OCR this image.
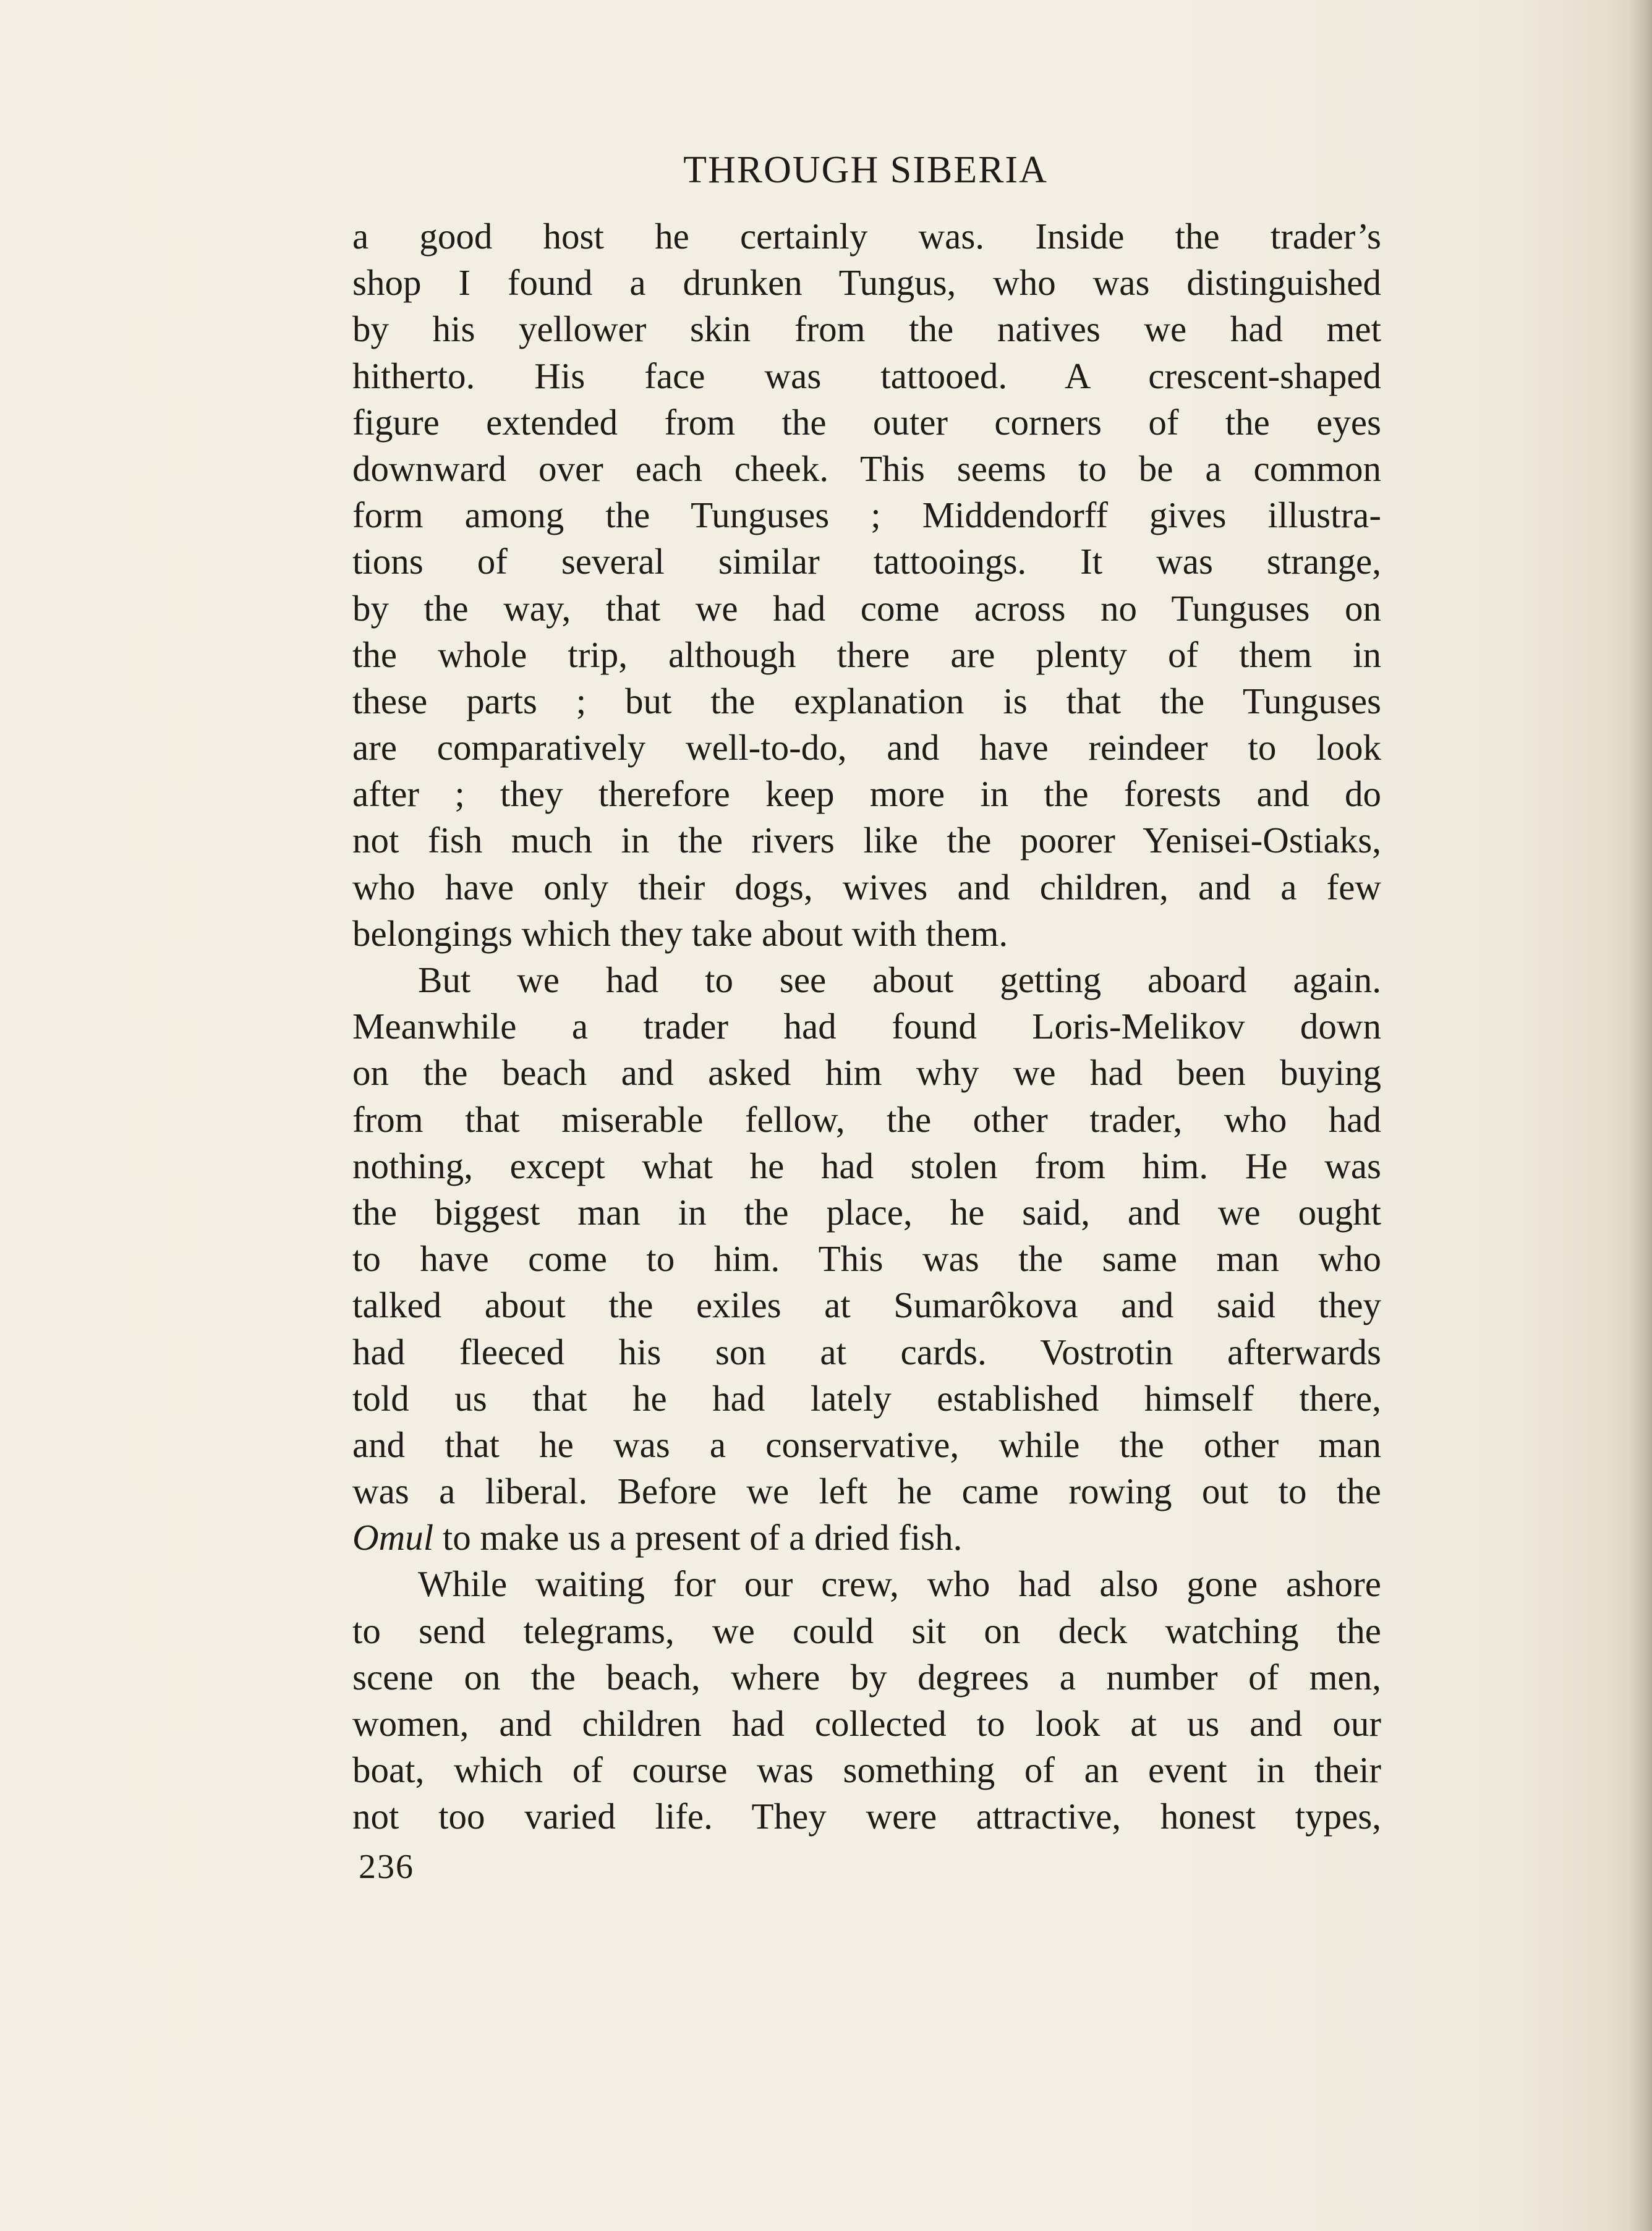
THROUGH SIBERIA
a good host he certainly was. Inside the trader’s
shop I found a drunken Tungus, who was distinguished
by his yellower skin from the natives we had met
hitherto. His face was tattooed. A crescent-shaped
figure extended from the outer corners of the eyes
downward over each cheek. This seems to be a common
form among the Tunguses ; Middendorff gives illustra-
tions of several similar tattooings. It was strange,
by the way, that we had come across no Tunguses on
the whole trip, although there are plenty of them in
these parts ; but the explanation is that the Tunguses
are comparatively well-to-do, and have reindeer to look
after ; they therefore keep more in the forests and do
not fish much in the rivers like the poorer Yenisei-Ostiaks,
who have only their dogs, wives and children, and a few
belongings which they take about with them.
But we had to see about getting aboard again.
Meanwhile a trader had found Loris-Melikov down
on the beach and asked him why we had been buying
from that miserable fellow, the other trader, who had
nothing, except what he had stolen from him. He was
the biggest man in the place, he said, and we ought
to have come to him. This was the same man who
talked about the exiles at Sumarôkova and said they
had fleeced his son at cards. Vostrotin afterwards
told us that he had lately established himself there,
and that he was a conservative, while the other man
was a liberal. Before we left he came rowing out to the
Omul to make us a present of a dried fish.
While waiting for our crew, who had also gone ashore
to send telegrams, we could sit on deck watching the
scene on the beach, where by degrees a number of men,
women, and children had collected to look at us and our
boat, which of course was something of an event in their
not too varied life. They were attractive, honest types,
236
